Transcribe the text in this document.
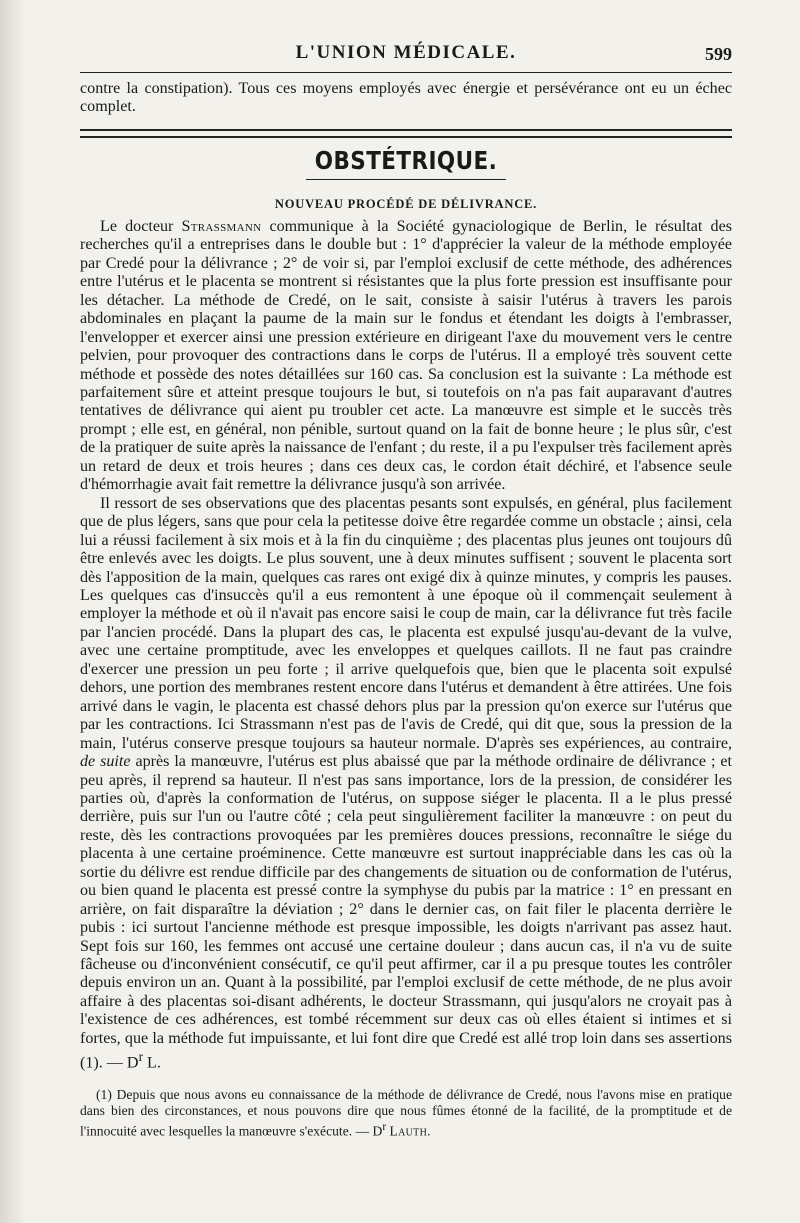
L'UNION MÉDICALE.	599

contre la constipation). Tous ces moyens employés avec énergie et persévérance ont eu un échec complet.

OBSTÉTRIQUE.
NOUVEAU PROCÉDÉ DE DÉLIVRANCE.

Le docteur Strassmann communique à la Société gynaciologique de Berlin, le résultat des recherches qu'il a entreprises dans le double but : 1° d'apprécier la valeur de la méthode employée par Credé pour la délivrance ; 2° de voir si, par l'emploi exclusif de cette méthode, des adhérences entre l'utérus et le placenta se montrent si résistantes que la plus forte pression est insuffisante pour les détacher. La méthode de Credé, on le sait, consiste à saisir l'utérus à travers les parois abdominales en plaçant la paume de la main sur le fondus et étendant les doigts à l'embrasser, l'envelopper et exercer ainsi une pression extérieure en dirigeant l'axe du mouvement vers le centre pelvien, pour provoquer des contractions dans le corps de l'utérus. Il a employé très souvent cette méthode et possède des notes détaillées sur 160 cas. Sa conclusion est la suivante : La méthode est parfaitement sûre et atteint presque toujours le but, si toutefois on n'a pas fait auparavant d'autres tentatives de délivrance qui aient pu troubler cet acte. La manœuvre est simple et le succès très prompt ; elle est, en général, non pénible, surtout quand on la fait de bonne heure ; le plus sûr, c'est de la pratiquer de suite après la naissance de l'enfant ; du reste, il a pu l'expulser très facilement après un retard de deux et trois heures ; dans ces deux cas, le cordon était déchiré, et l'absence seule d'hémorrhagie avait fait remettre la délivrance jusqu'à son arrivée.

Il ressort de ses observations que des placentas pesants sont expulsés, en général, plus facilement que de plus légers, sans que pour cela la petitesse doive être regardée comme un obstacle ; ainsi, cela lui a réussi facilement à six mois et à la fin du cinquième ; des placentas plus jeunes ont toujours dû être enlevés avec les doigts. Le plus souvent, une à deux minutes suffisent ; souvent le placenta sort dès l'apposition de la main, quelques cas rares ont exigé dix à quinze minutes, y compris les pauses. Les quelques cas d'insuccès qu'il a eus remontent à une époque où il commençait seulement à employer la méthode et où il n'avait pas encore saisi le coup de main, car la délivrance fut très facile par l'ancien procédé. Dans la plupart des cas, le placenta est expulsé jusqu'au-devant de la vulve, avec une certaine promptitude, avec les enveloppes et quelques caillots. Il ne faut pas craindre d'exercer une pression un peu forte ; il arrive quelquefois que, bien que le placenta soit expulsé dehors, une portion des membranes restent encore dans l'utérus et demandent à être attirées. Une fois arrivé dans le vagin, le placenta est chassé dehors plus par la pression qu'on exerce sur l'utérus que par les contractions. Ici Strassmann n'est pas de l'avis de Credé, qui dit que, sous la pression de la main, l'utérus conserve presque toujours sa hauteur normale. D'après ses expériences, au contraire, de suite après la manœuvre, l'utérus est plus abaissé que par la méthode ordinaire de délivrance ; et peu après, il reprend sa hauteur. Il n'est pas sans importance, lors de la pression, de considérer les parties où, d'après la conformation de l'utérus, on suppose siéger le placenta. Il a le plus pressé derrière, puis sur l'un ou l'autre côté ; cela peut singulièrement faciliter la manœuvre : on peut du reste, dès les contractions provoquées par les premières douces pressions, reconnaître le siége du placenta à une certaine proéminence. Cette manœuvre est surtout inappréciable dans les cas où la sortie du délivre est rendue difficile par des changements de situation ou de conformation de l'utérus, ou bien quand le placenta est pressé contre la symphyse du pubis par la matrice : 1° en pressant en arrière, on fait disparaître la déviation ; 2° dans le dernier cas, on fait filer le placenta derrière le pubis : ici surtout l'ancienne méthode est presque impossible, les doigts n'arrivant pas assez haut. Sept fois sur 160, les femmes ont accusé une certaine douleur ; dans aucun cas, il n'a vu de suite fâcheuse ou d'inconvénient consécutif, ce qu'il peut affirmer, car il a pu presque toutes les contrôler depuis environ un an. Quant à la possibilité, par l'emploi exclusif de cette méthode, de ne plus avoir affaire à des placentas soi-disant adhérents, le docteur Strassmann, qui jusqu'alors ne croyait pas à l'existence de ces adhérences, est tombé récemment sur deux cas où elles étaient si intimes et si fortes, que la méthode fut impuissante, et lui font dire que Credé est allé trop loin dans ses assertions (1). — $D^r$ L.

(1) Depuis que nous avons eu connaissance de la méthode de délivrance de Credé, nous l'avons mise en pratique dans bien des circonstances, et nous pouvons dire que nous fûmes étonné de la facilité, de la promptitude et de l'innocuité avec lesquelles la manœuvre s'exécute. — $D^r$ Lauth.
